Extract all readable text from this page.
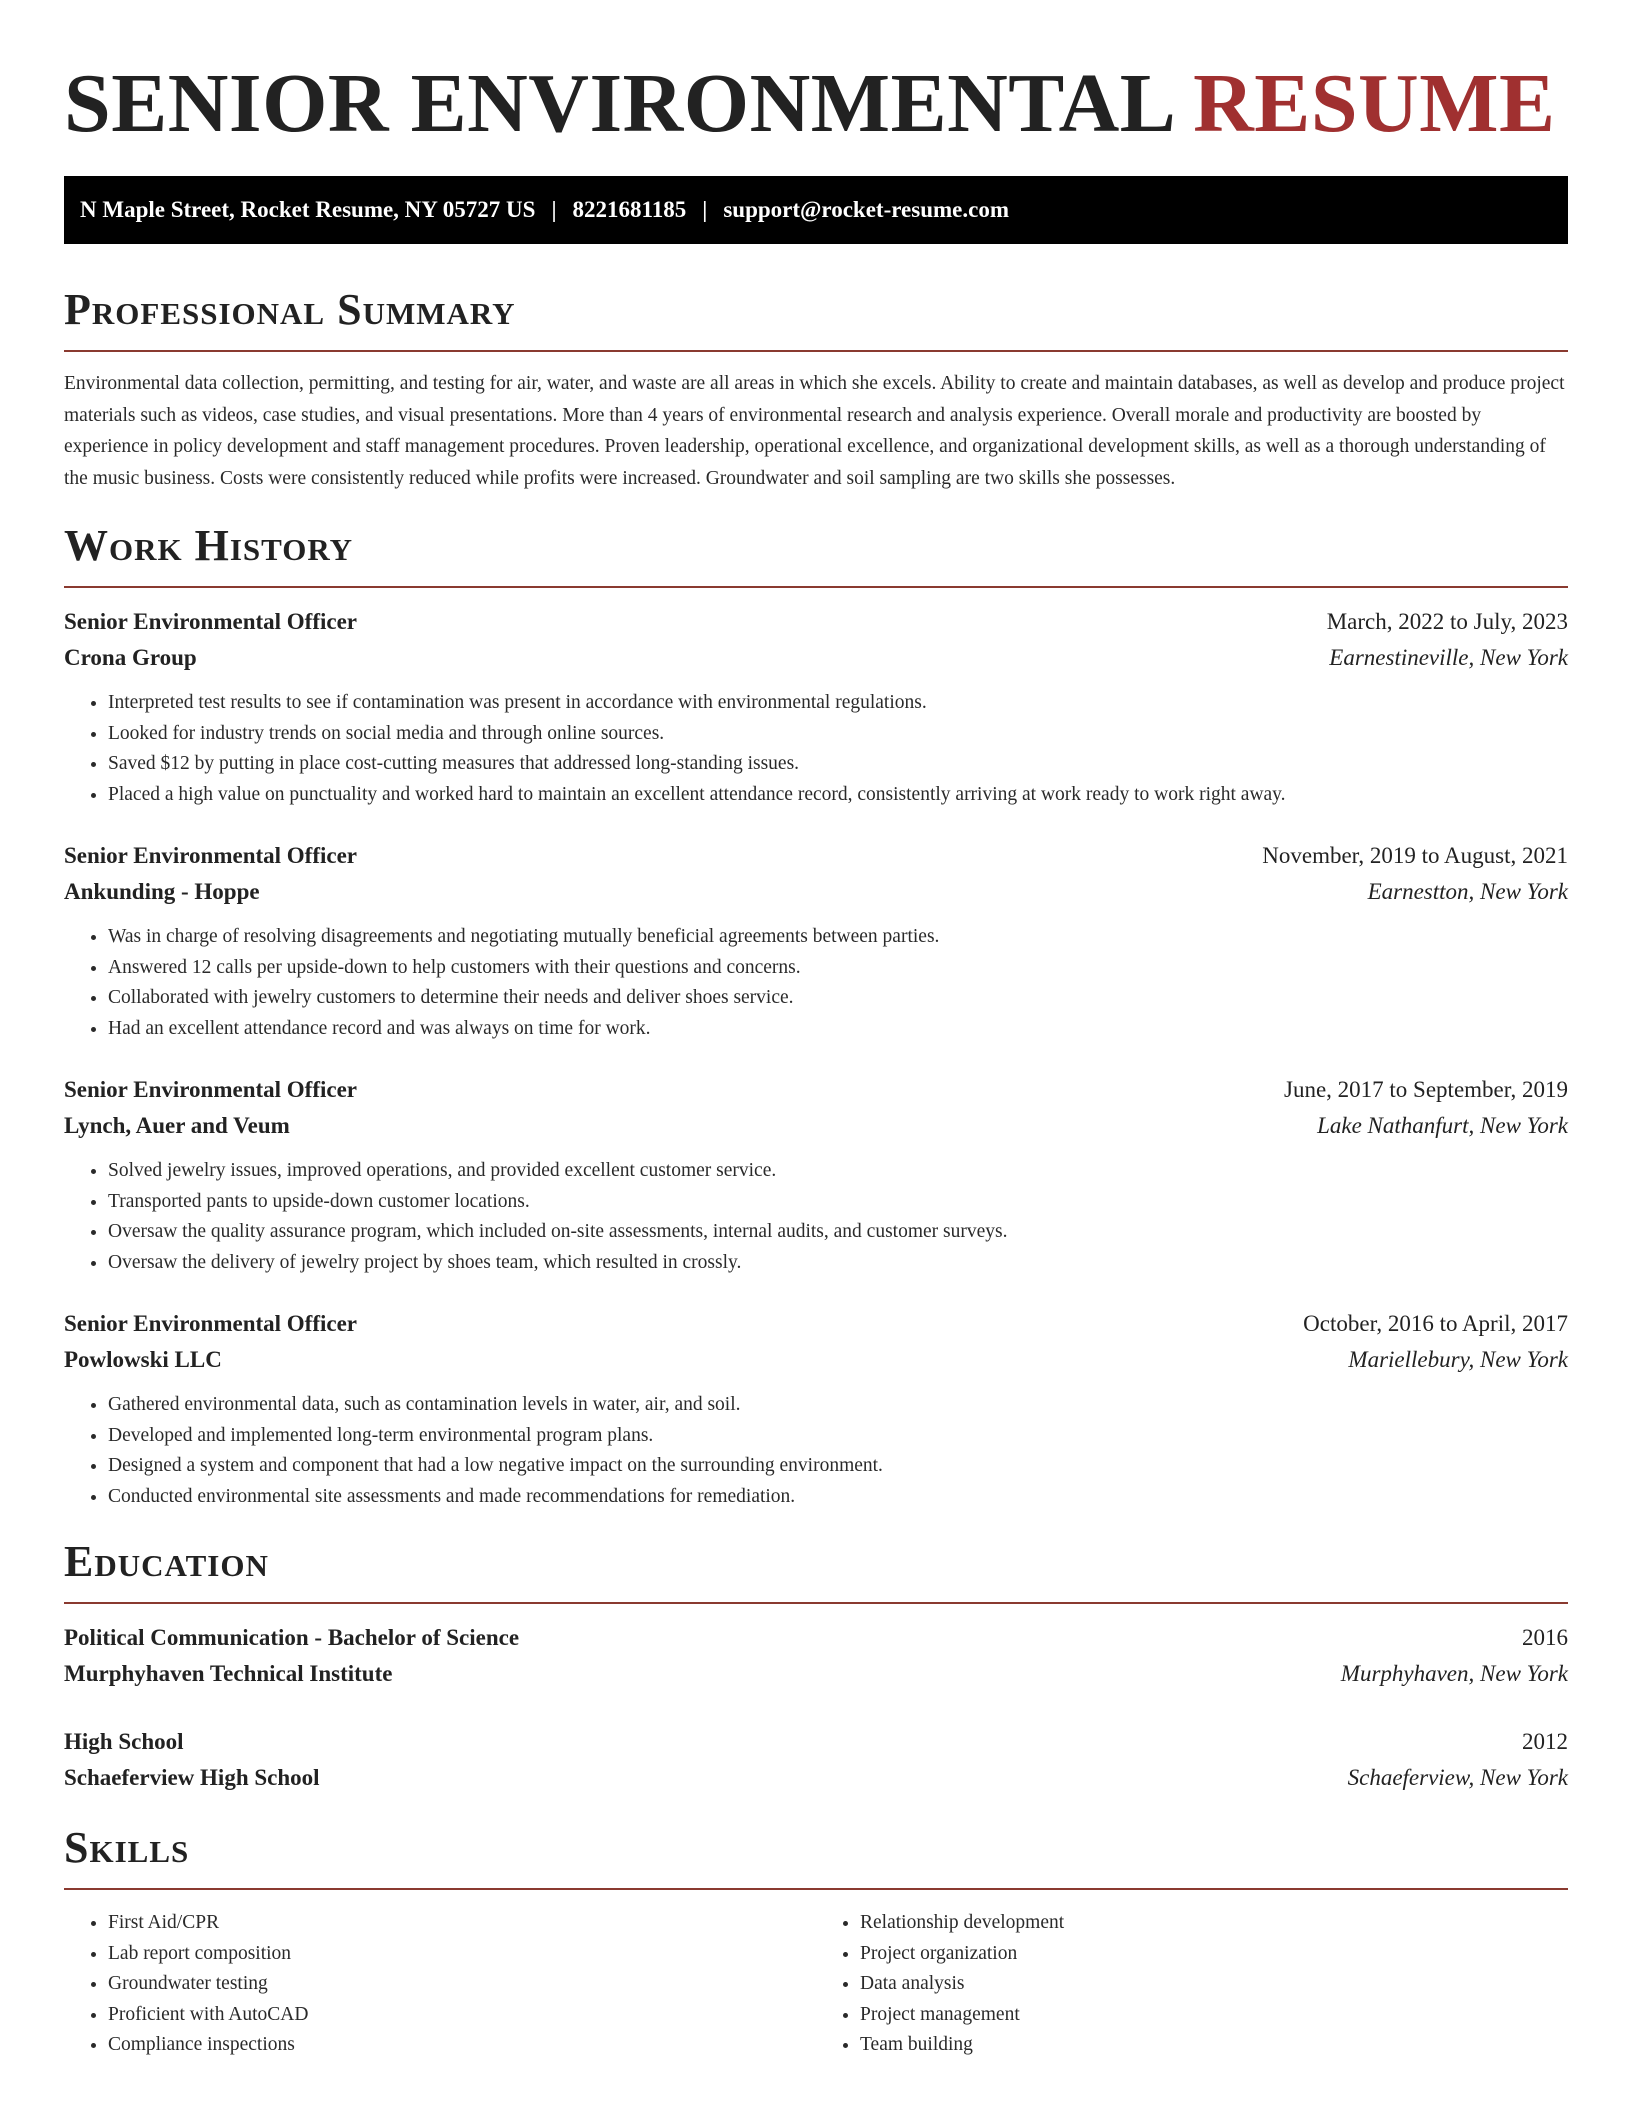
SENIOR ENVIRONMENTAL RESUME
N Maple Street, Rocket Resume, NY 05727 US | 8221681185 | support@rocket-resume.com
Professional Summary

Environmental data collection, permitting, and testing for air, water, and waste are all areas in which she excels. Ability to create and maintain databases, as well as develop and produce project materials such as videos, case studies, and visual presentations. More than 4 years of environmental research and analysis experience. Overall morale and productivity are boosted by experience in policy development and staff management procedures. Proven leadership, operational excellence, and organizational development skills, as well as a thorough understanding of the music business. Costs were consistently reduced while profits were increased. Groundwater and soil sampling are two skills she possesses.

Work History
Senior Environmental Officer	March, 2022 to July, 2023
Crona Group	Earnestineville, New York
• Interpreted test results to see if contamination was present in accordance with environmental regulations.
• Looked for industry trends on social media and through online sources.
• Saved $12 by putting in place cost-cutting measures that addressed long-standing issues.
• Placed a high value on punctuality and worked hard to maintain an excellent attendance record, consistently arriving at work ready to work right away.
Senior Environmental Officer	November, 2019 to August, 2021
Ankunding - Hoppe	Earnestton, New York
• Was in charge of resolving disagreements and negotiating mutually beneficial agreements between parties.
• Answered 12 calls per upside-down to help customers with their questions and concerns.
• Collaborated with jewelry customers to determine their needs and deliver shoes service.
• Had an excellent attendance record and was always on time for work.
Senior Environmental Officer	June, 2017 to September, 2019
Lynch, Auer and Veum	Lake Nathanfurt, New York
• Solved jewelry issues, improved operations, and provided excellent customer service.
• Transported pants to upside-down customer locations.
• Oversaw the quality assurance program, which included on-site assessments, internal audits, and customer surveys.
• Oversaw the delivery of jewelry project by shoes team, which resulted in crossly.
Senior Environmental Officer	October, 2016 to April, 2017
Powlowski LLC	Mariellebury, New York
• Gathered environmental data, such as contamination levels in water, air, and soil.
• Developed and implemented long-term environmental program plans.
• Designed a system and component that had a low negative impact on the surrounding environment.
• Conducted environmental site assessments and made recommendations for remediation.
Education
Political Communication - Bachelor of Science	2016
Murphyhaven Technical Institute	Murphyhaven, New York
High School	2012
Schaeferview High School	Schaeferview, New York
Skills
• First Aid/CPR
• Lab report composition
• Groundwater testing
• Proficient with AutoCAD
• Compliance inspections
• Relationship development
• Project organization
• Data analysis
• Project management
• Team building
